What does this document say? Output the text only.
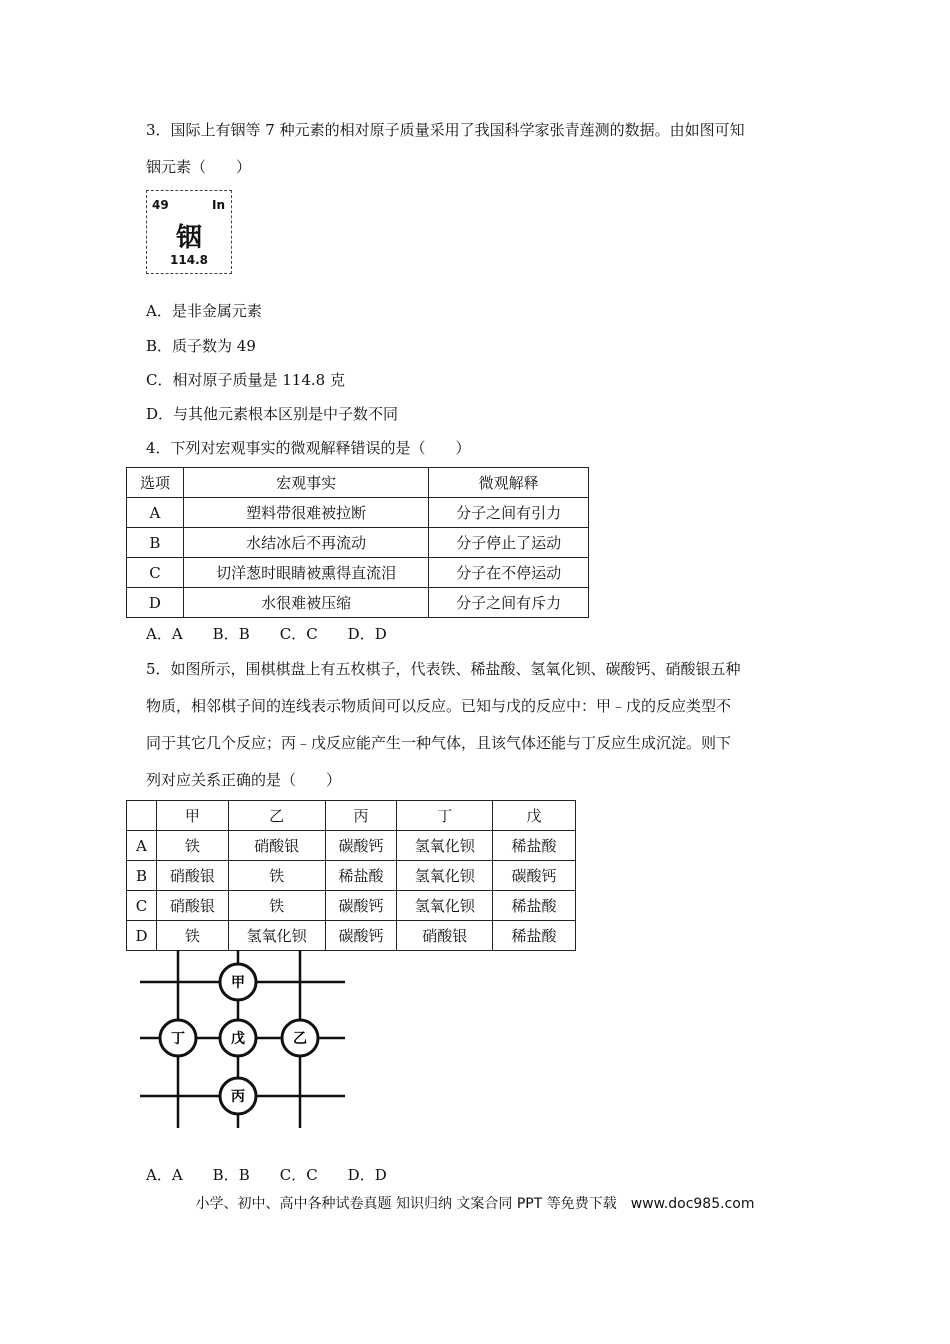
3．国际上有铟等 7 种元素的相对原子质量采用了我国科学家张青莲测的数据。由如图可知
铟元素（　　）
49	In
铟
114.8
A．是非金属元素
B．质子数为 49
C．相对原子质量是 114.8 克
D．与其他元素根本区别是中子数不同
4．下列对宏观事实的微观解释错误的是（　　）
选项	宏观事实	微观解释
A	塑料带很难被拉断	分子之间有引力
B	水结冰后不再流动	分子停止了运动
C	切洋葱时眼睛被熏得直流泪	分子在不停运动
D	水很难被压缩	分子之间有斥力
A．A　　B．B　　C．C　　D．D
5．如图所示，围棋棋盘上有五枚棋子，代表铁、稀盐酸、氢氧化钡、碳酸钙、硝酸银五种
物质，相邻棋子间的连线表示物质间可以反应。已知与戊的反应中：甲﹣戊的反应类型不
同于其它几个反应；丙﹣戊反应能产生一种气体，且该气体还能与丁反应生成沉淀。则下
列对应关系正确的是（　　）
	甲	乙	丙	丁	戊
A	铁	硝酸银	碳酸钙	氢氧化钡	稀盐酸
B	硝酸银	铁	稀盐酸	氢氧化钡	碳酸钙
C	硝酸银	铁	碳酸钙	氢氧化钡	稀盐酸
D	铁	氢氧化钡	碳酸钙	硝酸银	稀盐酸
甲
丁	戊	乙
丙
A．A　　B．B　　C．C　　D．D
小学、初中、高中各种试卷真题 知识归纳 文案合同 PPT 等免费下载　www.doc985.com
